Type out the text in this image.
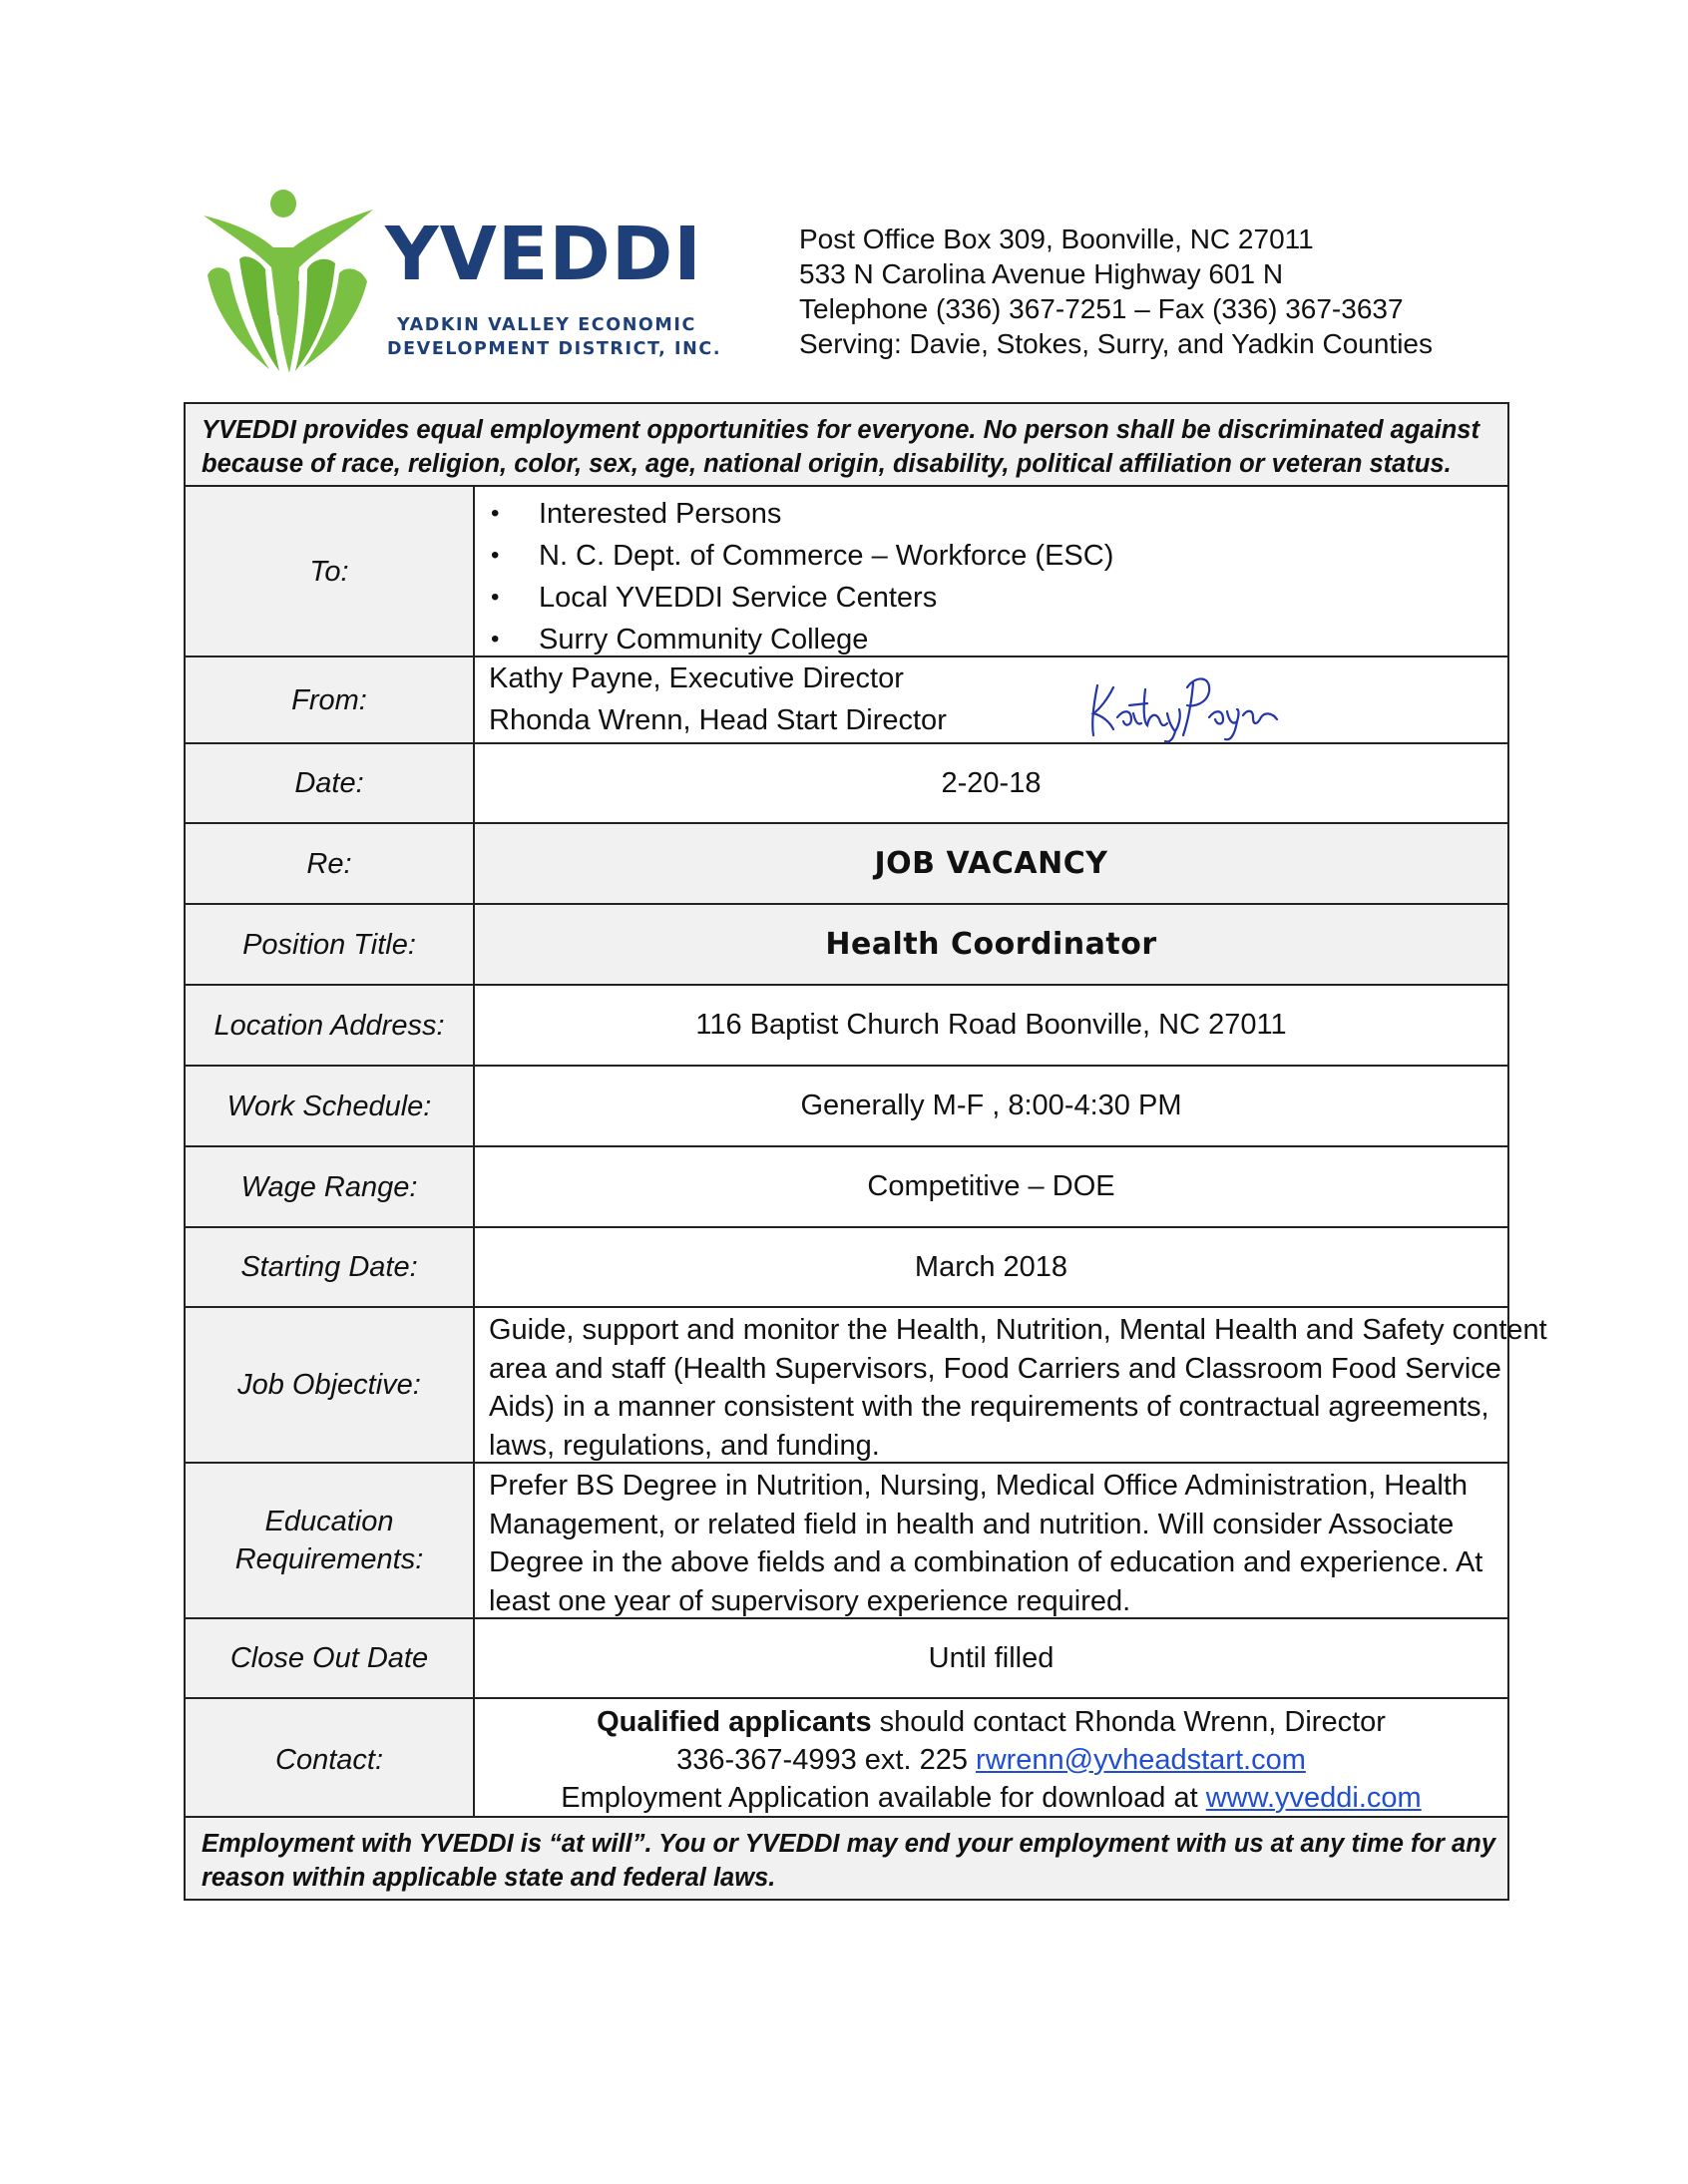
YVEDDI
YADKIN VALLEY ECONOMIC
DEVELOPMENT DISTRICT, INC.
Post Office Box 309, Boonville, NC 27011
533 N Carolina Avenue Highway 601 N
Telephone (336) 367-7251 – Fax (336) 367-3637
Serving: Davie, Stokes, Surry, and Yadkin Counties
YVEDDI provides equal employment opportunities for everyone. No person shall be discriminated against
because of race, religion, color, sex, age, national origin, disability, political affiliation or veteran status.
To:
• Interested Persons
• N. C. Dept. of Commerce – Workforce (ESC)
• Local YVEDDI Service Centers
• Surry Community College
From:
Kathy Payne, Executive Director
Rhonda Wrenn, Head Start Director
Date:	2-20-18
Re:	JOB VACANCY
Position Title:	Health Coordinator
Location Address:	116 Baptist Church Road Boonville, NC 27011
Work Schedule:	Generally M-F , 8:00-4:30 PM
Wage Range:	Competitive – DOE
Starting Date:	March 2018
Job Objective:
Guide, support and monitor the Health, Nutrition, Mental Health and Safety content
area and staff (Health Supervisors, Food Carriers and Classroom Food Service
Aids) in a manner consistent with the requirements of contractual agreements,
laws, regulations, and funding.
Education
Requirements:
Prefer BS Degree in Nutrition, Nursing, Medical Office Administration, Health
Management, or related field in health and nutrition. Will consider Associate
Degree in the above fields and a combination of education and experience. At
least one year of supervisory experience required.
Close Out Date	Until filled
Contact:
Qualified applicants should contact Rhonda Wrenn, Director
336-367-4993 ext. 225 rwrenn@yvheadstart.com
Employment Application available for download at www.yveddi.com
Employment with YVEDDI is “at will”. You or YVEDDI may end your employment with us at any time for any
reason within applicable state and federal laws.
